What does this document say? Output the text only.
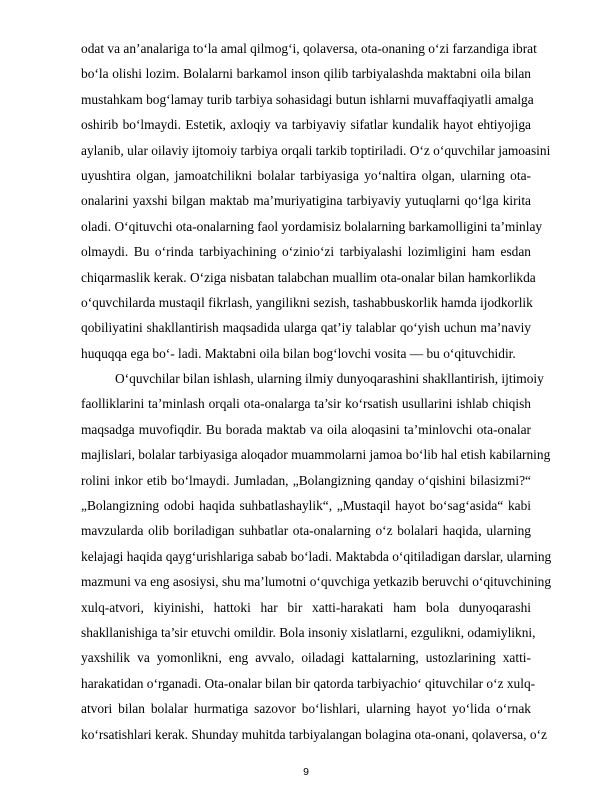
odat va an’analariga to‘la amal qilmog‘i, qolaversa, ota-onaning o‘zi farzandiga ibrat
bo‘la olishi lozim. Bolalarni barkamol inson qilib tarbiyalashda maktabni oila bilan
mustahkam bog‘lamay turib tarbiya sohasidagi butun ishlarni muvaffaqiyatli amalga
oshirib bo‘lmaydi. Estetik, axloqiy va tarbiyaviy sifatlar kundalik hayot ehtiyojiga
aylanib, ular oilaviy ijtomoiy tarbiya orqali tarkib toptiriladi. O‘z o‘quvchilar jamoasini
uyushtira olgan, jamoatchilikni bolalar tarbiyasiga yo‘naltira olgan, ularning ota-
onalarini yaxshi bilgan maktab ma’muriyatigina tarbiyaviy yutuqlarni qo‘lga kirita
oladi. O‘qituvchi ota-onalarning faol yordamisiz bolalarning barkamolligini ta’minlay
olmaydi. Bu o‘rinda tarbiyachining o‘zinio‘zi tarbiyalashi lozimligini ham esdan
chiqarmaslik kerak. O‘ziga nisbatan talabchan muallim ota-onalar bilan hamkorlikda
o‘quvchilarda mustaqil fikrlash, yangilikni sezish, tashabbuskorlik hamda ijodkorlik
qobiliyatini shakllantirish maqsadida ularga qat’iy talablar qo‘yish uchun ma’naviy
huquqqa ega bo‘- ladi. Maktabni oila bilan bog‘lovchi vosita — bu o‘qituvchidir.
O‘quvchilar bilan ishlash, ularning ilmiy dunyoqarashini shakllantirish, ijtimoiy
faolliklarini ta’minlash orqali ota-onalarga ta’sir ko‘rsatish usullarini ishlab chiqish
maqsadga muvofiqdir. Bu borada maktab va oila aloqasini ta’minlovchi ota-onalar
majlislari, bolalar tarbiyasiga aloqador muammolarni jamoa bo‘lib hal etish kabilarning
rolini inkor etib bo‘lmaydi. Jumladan, „Bolangizning qanday o‘qishini bilasizmi?“
„Bolangizning odobi haqida suhbatlashaylik“, „Mustaqil hayot bo‘sag‘asida“ kabi
mavzularda olib boriladigan suhbatlar ota-onalarning o‘z bolalari haqida, ularning
kelajagi haqida qayg‘urishlariga sabab bo‘ladi. Maktabda o‘qitiladigan darslar, ularning
mazmuni va eng asosiysi, shu ma’lumotni o‘quvchiga yetkazib beruvchi o‘qituvchining
xulq-atvori, kiyinishi, hattoki har bir xatti-harakati ham bola dunyoqarashi
shakllanishiga ta’sir etuvchi omildir. Bola insoniy xislatlarni, ezgulikni, odamiylikni,
yaxshilik va yomonlikni, eng avvalo, oiladagi kattalarning, ustozlarining xatti-
harakatidan o‘rganadi. Ota-onalar bilan bir qatorda tarbiyachio‘ qituvchilar o‘z xulq-
atvori bilan bolalar hurmatiga sazovor bo‘lishlari, ularning hayot yo‘lida o‘rnak
ko‘rsatishlari kerak. Shunday muhitda tarbiyalangan bolagina ota-onani, qolaversa, o‘z
9
